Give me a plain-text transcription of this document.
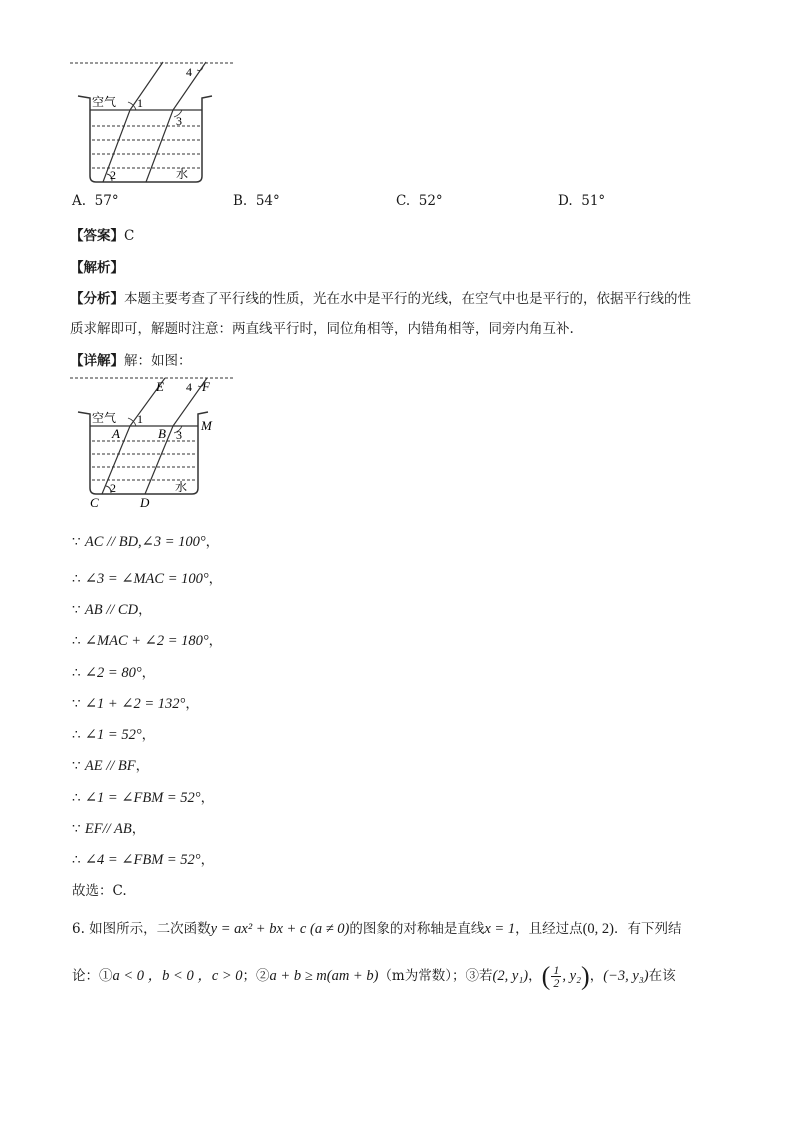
空气 1
2
3
4
水
A. 57°	B. 54°	C. 52°	D. 51°
【答案】C
【解析】
【分析】本题主要考查了平行线的性质，光在水中是平行的光线，在空气中也是平行的，依据平行线的性
质求解即可，解题时注意：两直线平行时，同位角相等，内错角相等，同旁内角互补.
【详解】解：如图：
空气 1
2
3
4
水
E	F
A	B
M
C	D
∵ AC // BD,∠3 = 100°，
∴ ∠3 = ∠MAC = 100°，
∵ AB // CD，
∴ ∠MAC + ∠2 = 180°，
∴ ∠2 = 80°，
∵ ∠1 + ∠2 = 132°，
∴ ∠1 = 52°，
∵ AE // BF，
∴ ∠1 = ∠FBM = 52°，
∵ EF// AB，
∴ ∠4 = ∠FBM = 52°，
故选：C.
6. 如图所示，二次函数y = ax² + bx + c (a ≠ 0)的图象的对称轴是直线x = 1，且经过点(0, 2)．有下列结
论：①a < 0 ，b < 0 ，c > 0；②a + b ≥ m(am + b)（m为常数）；③若(2, y₁)，( $\frac{1}{2}$ , y₂)，(−3, y₃)在该
